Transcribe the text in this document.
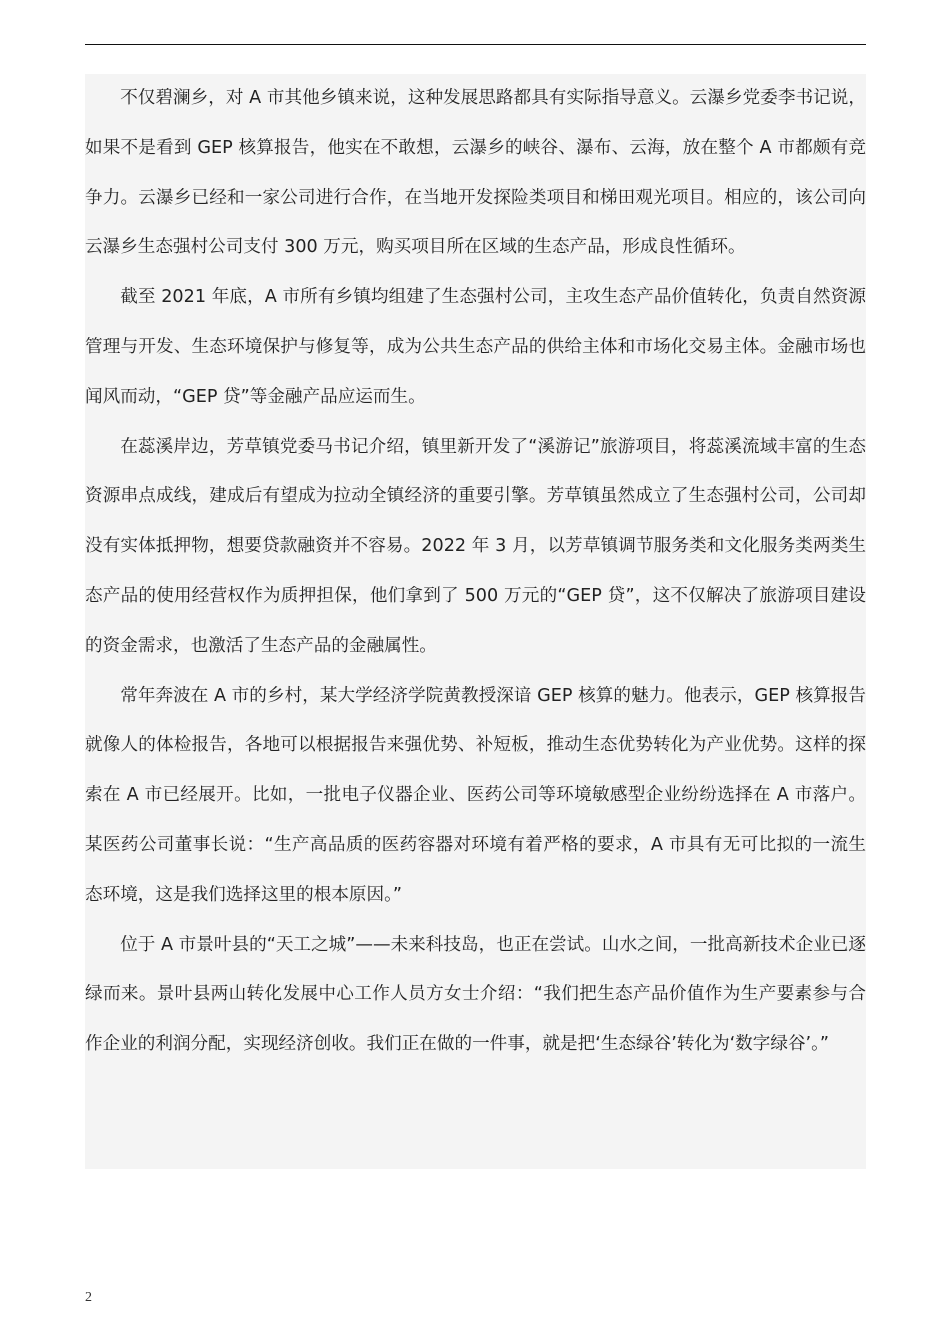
不仅碧澜乡，对 A 市其他乡镇来说，这种发展思路都具有实际指导意义。云瀑乡党委李书记说，如果不是看到 GEP 核算报告，他实在不敢想，云瀑乡的峡谷、瀑布、云海，放在整个 A 市都颇有竞争力。云瀑乡已经和一家公司进行合作，在当地开发探险类项目和梯田观光项目。相应的，该公司向云瀑乡生态强村公司支付 300 万元，购买项目所在区域的生态产品，形成良性循环。

截至 2021 年底，A 市所有乡镇均组建了生态强村公司，主攻生态产品价值转化，负责自然资源管理与开发、生态环境保护与修复等，成为公共生态产品的供给主体和市场化交易主体。金融市场也闻风而动，“GEP 贷”等金融产品应运而生。

在蕊溪岸边，芳草镇党委马书记介绍，镇里新开发了“溪游记”旅游项目，将蕊溪流域丰富的生态资源串点成线，建成后有望成为拉动全镇经济的重要引擎。芳草镇虽然成立了生态强村公司，公司却没有实体抵押物，想要贷款融资并不容易。2022 年 3 月，以芳草镇调节服务类和文化服务类两类生态产品的使用经营权作为质押担保，他们拿到了 500 万元的“GEP 贷”，这不仅解决了旅游项目建设的资金需求，也激活了生态产品的金融属性。

常年奔波在 A 市的乡村，某大学经济学院黄教授深谙 GEP 核算的魅力。他表示，GEP 核算报告就像人的体检报告，各地可以根据报告来强优势、补短板，推动生态优势转化为产业优势。这样的探索在 A 市已经展开。比如，一批电子仪器企业、医药公司等环境敏感型企业纷纷选择在 A 市落户。某医药公司董事长说：“生产高品质的医药容器对环境有着严格的要求，A 市具有无可比拟的一流生态环境，这是我们选择这里的根本原因。”

位于 A 市景叶县的“天工之城”——未来科技岛，也正在尝试。山水之间，一批高新技术企业已逐绿而来。景叶县两山转化发展中心工作人员方女士介绍：“我们把生态产品价值作为生产要素参与合作企业的利润分配，实现经济创收。我们正在做的一件事，就是把‘生态绿谷’转化为‘数字绿谷’。”

2
